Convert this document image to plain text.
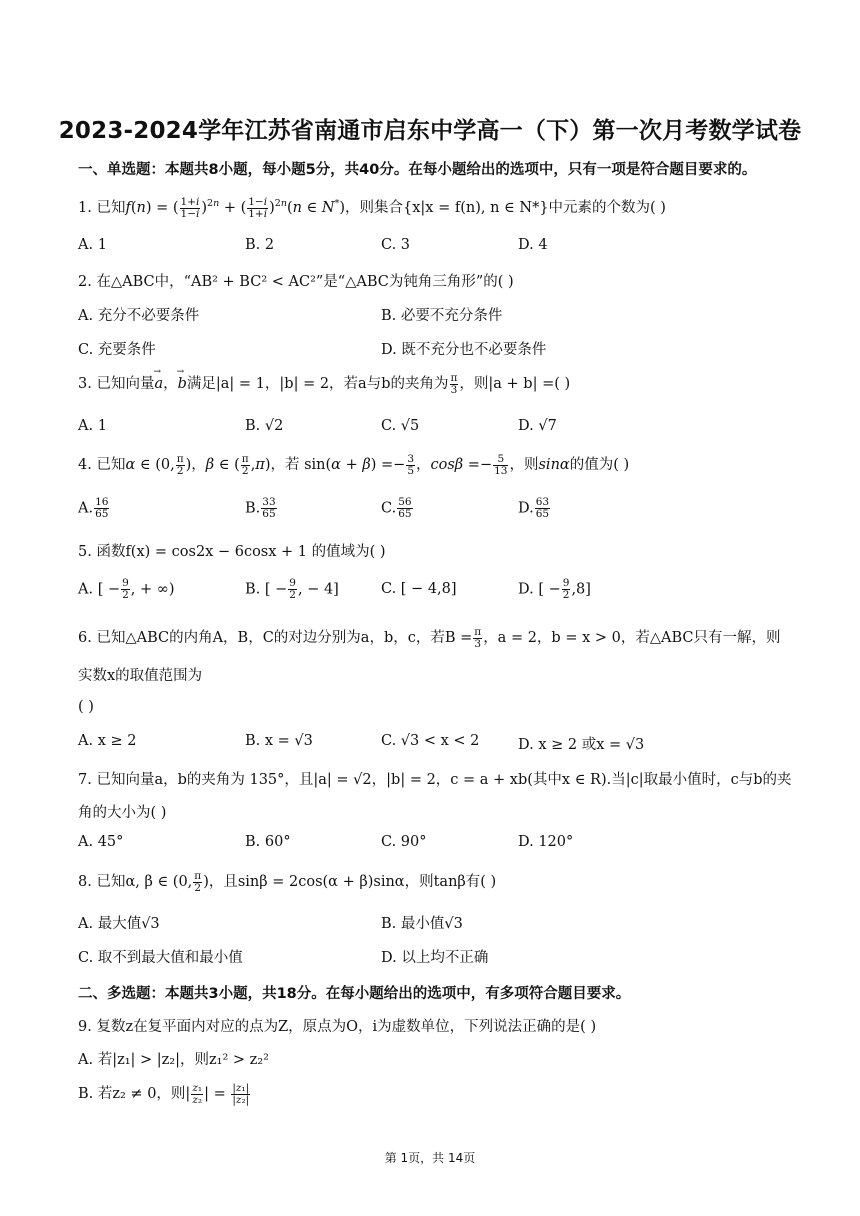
2023-2024学年江苏省南通市启东中学高一（下）第一次月考数学试卷
一、单选题：本题共8小题，每小题5分，共40分。在每小题给出的选项中，只有一项是符合题目要求的。
1. 已知f(n) = ( $\frac{1+i}{1-i} )^{2n}$ + ( $\frac{1-i}{1+i} )^{2n}(n$ ∈ N*)，则集合{x|x = f(n), n ∈ N*}中元素的个数为( )
A. 1	B. 2	C. 3	D. 4
2. 在△ABC中，“AB² + BC² < AC²”是“△ABC为钝角三角形”的( )
A. 充分不必要条件	B. 必要不充分条件
C. 充要条件	D. 既不充分也不必要条件
3. 已知向量→ a，→ b满足|a| = 1，|b| = 2，若a与b的夹角为 $\frac{\pi}{3}$ ，则|a + b| =( )
A. 1	B. √2	C. √5	D. √7
4. 已知α ∈ (0, $\frac{\pi}{2}$ )，β ∈ ( $\frac{\pi}{2} ,\pi$)，若 $\sin(\alpha + \beta) =- \frac{3}{5}$ ，$\cos\beta =- \frac{5}{13}$ ，则sinα的值为( )
A. $\frac{16}{65}$	B. $\frac{33}{65}$	C. $\frac{56}{65}$	D. $\frac{63}{65}$
5. 函数f(x) = cos2x − 6cosx + 1 的值域为( )
A. [ − $\frac{9}{2}$ , + ∞)	B. [ − $\frac{9}{2}$ , − 4]	C. [ − 4,8]	D. [ − $\frac{9}{2} ,8$]
6. 已知△ABC的内角A，B，C的对边分别为a，b，c，若$B = \frac{\pi}{3}$ ，a = 2，b = x > 0，若△ABC只有一解，则
实数x的取值范围为
( )
A. x ≥ 2	B. x = √3	C. √3 < x < 2	D. x ≥ 2 或x = √3
7. 已知向量a，b的夹角为 135°，且|a| = √2，|b| = 2，c = a + xb(其中x ∈ R).当|c|取最小值时，c与b的夹
角的大小为( )
A. 45°	B. 60°	C. 90°	D. 120°
8. 已知α, β ∈ (0, $\frac{\pi}{2}$ )，且sinβ = 2cos(α + β)sinα，则tanβ有( )
A. 最大值√3	B. 最小值√3
C. 取不到最大值和最小值	D. 以上均不正确
二、多选题：本题共3小题，共18分。在每小题给出的选项中，有多项符合题目要求。
9. 复数z在复平面内对应的点为Z，原点为O，i为虚数单位，下列说法正确的是( )
A. 若|z₁| > |z₂|，则z₁² > z₂²
B. 若z₂ ≠ 0，则| $\frac{\text{z₁}}{\text{z₂}}$ | = $\frac{\text{|z₁|}}{\text{|z₂|}}$
第 1页，共 14页
